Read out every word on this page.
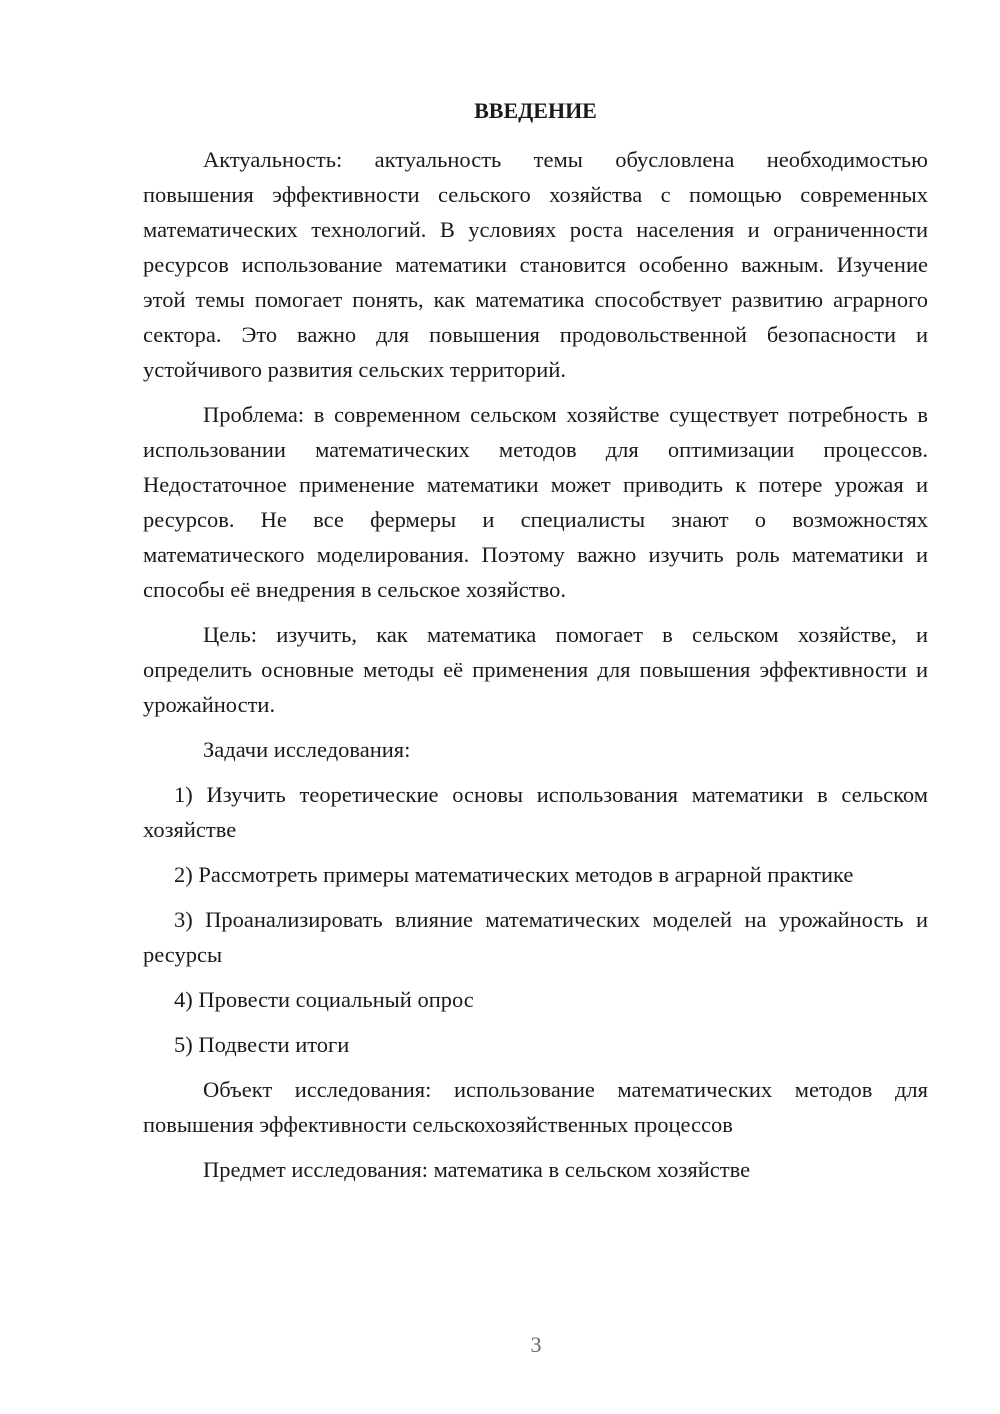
ВВЕДЕНИЕ

Актуальность: актуальность темы обусловлена необходимостью повышения эффективности сельского хозяйства с помощью современных математических технологий. В условиях роста населения и ограниченности ресурсов использование математики становится особенно важным. Изучение этой темы помогает понять, как математика способствует развитию аграрного сектора. Это важно для повышения продовольственной безопасности и устойчивого развития сельских территорий.

Проблема: в современном сельском хозяйстве существует потребность в использовании математических методов для оптимизации процессов. Недостаточное применение математики может приводить к потере урожая и ресурсов. Не все фермеры и специалисты знают о возможностях математического моделирования. Поэтому важно изучить роль математики и способы её внедрения в сельское хозяйство.

Цель: изучить, как математика помогает в сельском хозяйстве, и определить основные методы её применения для повышения эффективности и урожайности.

Задачи исследования:

1) Изучить теоретические основы использования математики в сельском хозяйстве

2) Рассмотреть примеры математических методов в аграрной практике

3) Проанализировать влияние математических моделей на урожайность и ресурсы

4) Провести социальный опрос

5) Подвести итоги

Объект исследования: использование математических методов для повышения эффективности сельскохозяйственных процессов

Предмет исследования: математика в сельском хозяйстве

3
